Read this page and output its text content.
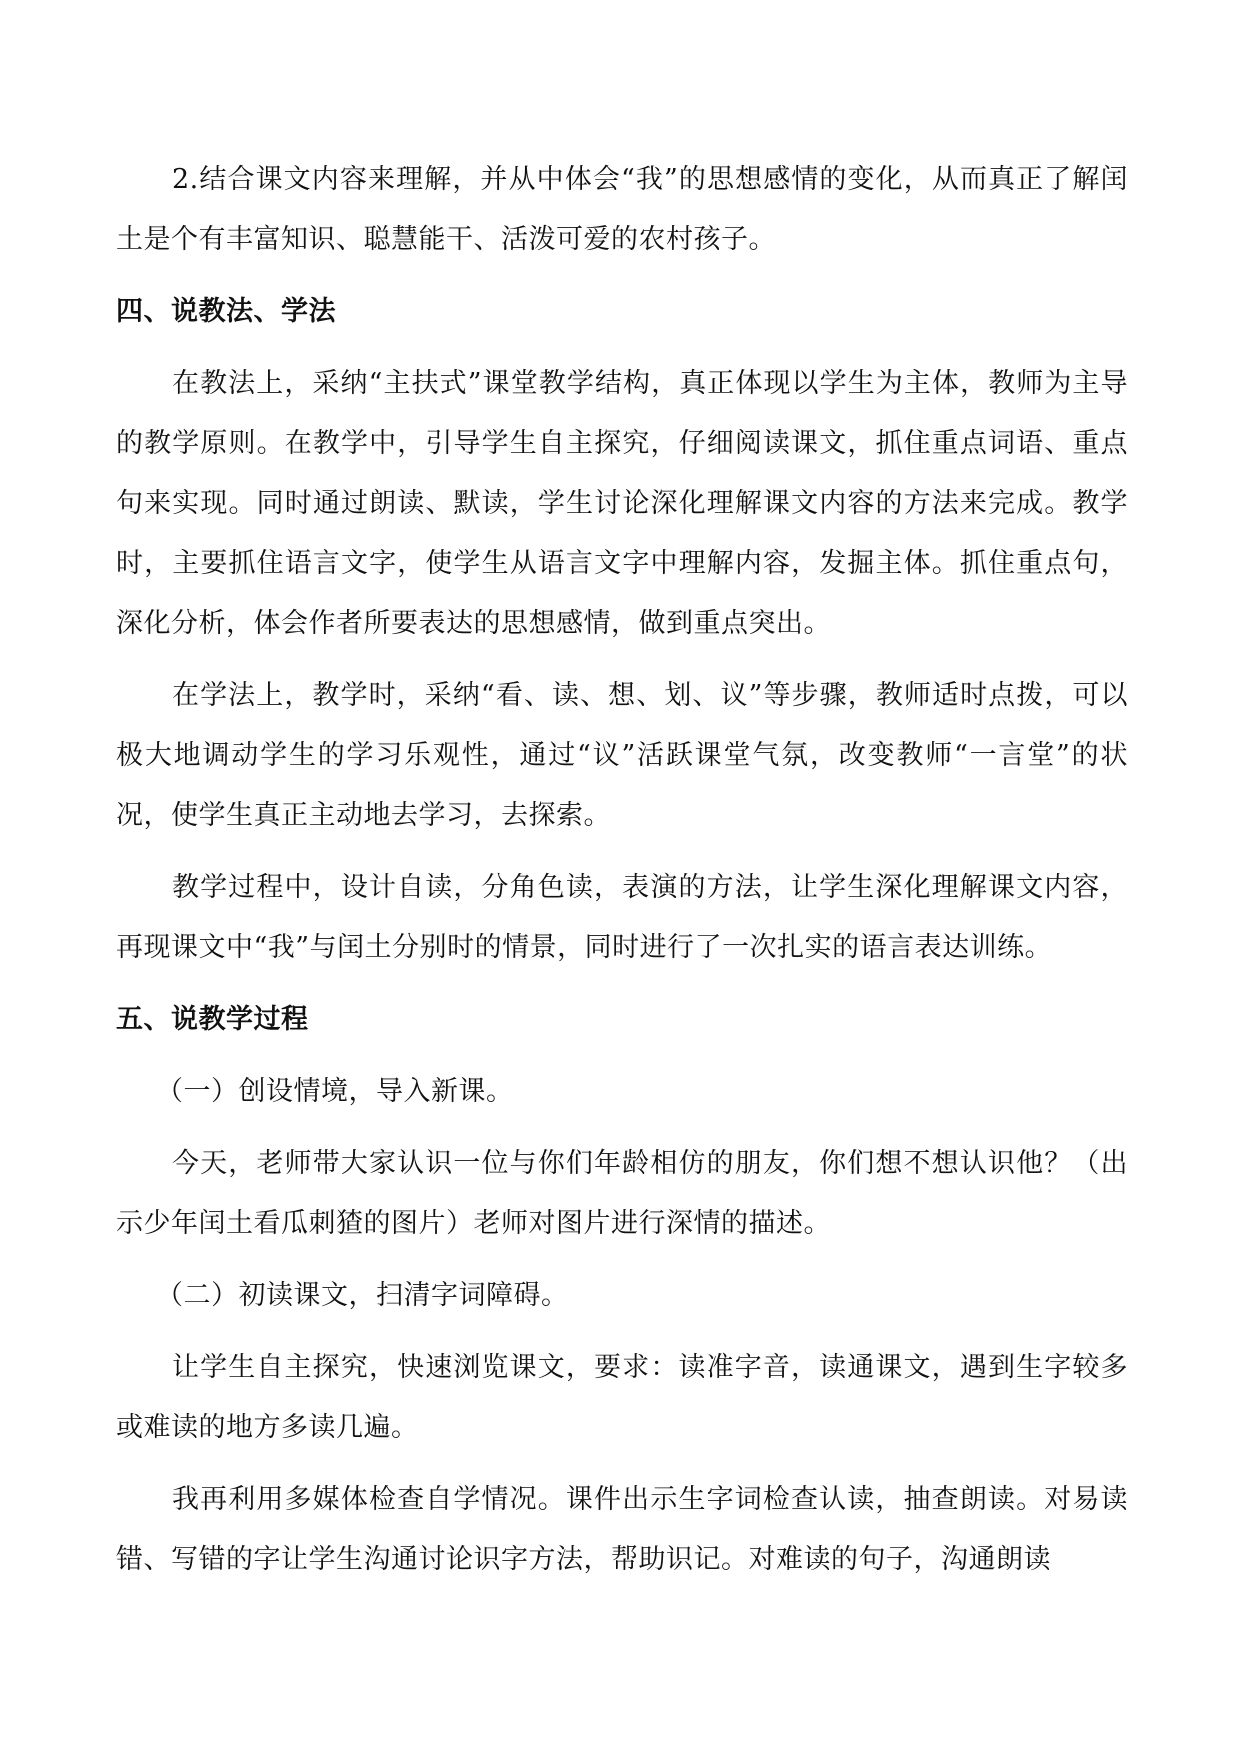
2.结合课文内容来理解，并从中体会“我”的思想感情的变化，从而真正了解闰土是个有丰富知识、聪慧能干、活泼可爱的农村孩子。

四、说教法、学法

在教法上，采纳“主扶式”课堂教学结构，真正体现以学生为主体，教师为主导的教学原则。在教学中，引导学生自主探究，仔细阅读课文，抓住重点词语、重点句来实现。同时通过朗读、默读，学生讨论深化理解课文内容的方法来完成。教学时，主要抓住语言文字，使学生从语言文字中理解内容，发掘主体。抓住重点句，深化分析，体会作者所要表达的思想感情，做到重点突出。

在学法上，教学时，采纳“看、读、想、划、议”等步骤，教师适时点拨，可以极大地调动学生的学习乐观性，通过“议”活跃课堂气氛，改变教师“一言堂”的状况，使学生真正主动地去学习，去探索。

教学过程中，设计自读，分角色读，表演的方法，让学生深化理解课文内容，再现课文中“我”与闰土分别时的情景，同时进行了一次扎实的语言表达训练。

五、说教学过程

（一）创设情境，导入新课。

今天，老师带大家认识一位与你们年龄相仿的朋友，你们想不想认识他？（出示少年闰土看瓜刺猹的图片）老师对图片进行深情的描述。

（二）初读课文，扫清字词障碍。

让学生自主探究，快速浏览课文，要求：读准字音，读通课文，遇到生字较多或难读的地方多读几遍。

我再利用多媒体检查自学情况。课件出示生字词检查认读，抽查朗读。对易读错、写错的字让学生沟通讨论识字方法，帮助识记。对难读的句子，沟通朗读
